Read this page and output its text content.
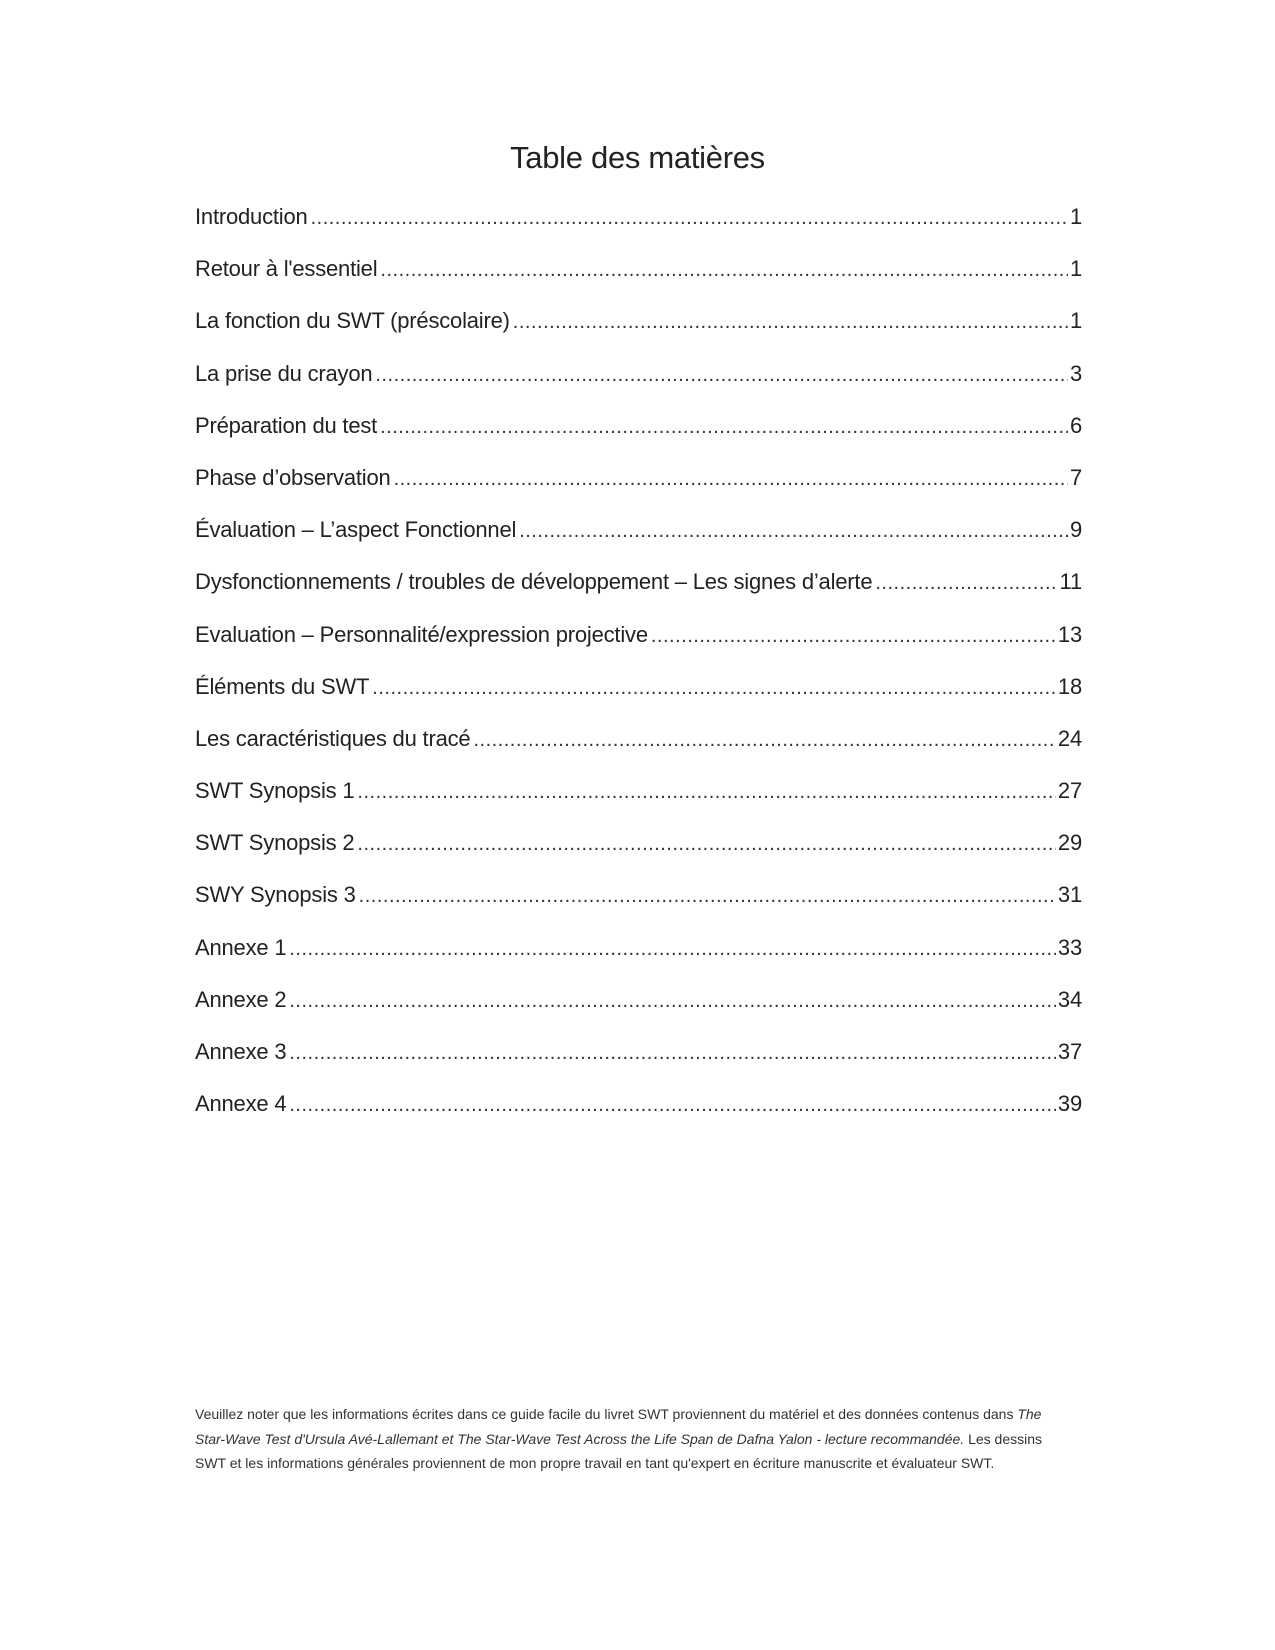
Table des matières
Introduction .....	1
Retour à l'essentiel .....	1
La fonction du SWT (préscolaire) .....	1
La prise du crayon .....	3
Préparation du test .....	6
Phase d’observation .....	7
Évaluation – L’aspect Fonctionnel .....	9
Dysfonctionnements / troubles de développement – Les signes d’alerte .....	11
Evaluation – Personnalité/expression projective .....	13
Éléments du SWT .....	18
Les caractéristiques du tracé .....	24
SWT Synopsis 1 .....	27
SWT Synopsis 2 .....	29
SWY Synopsis 3 .....	31
Annexe 1 .....	33
Annexe 2 .....	34
Annexe 3 .....	37
Annexe 4 .....	39

Veuillez noter que les informations écrites dans ce guide facile du livret SWT proviennent du matériel et des données contenus dans The Star-Wave Test d'Ursula Avé-Lallemant et The Star-Wave Test Across the Life Span de Dafna Yalon - lecture recommandée. Les dessins SWT et les informations générales proviennent de mon propre travail en tant qu'expert en écriture manuscrite et évaluateur SWT.
